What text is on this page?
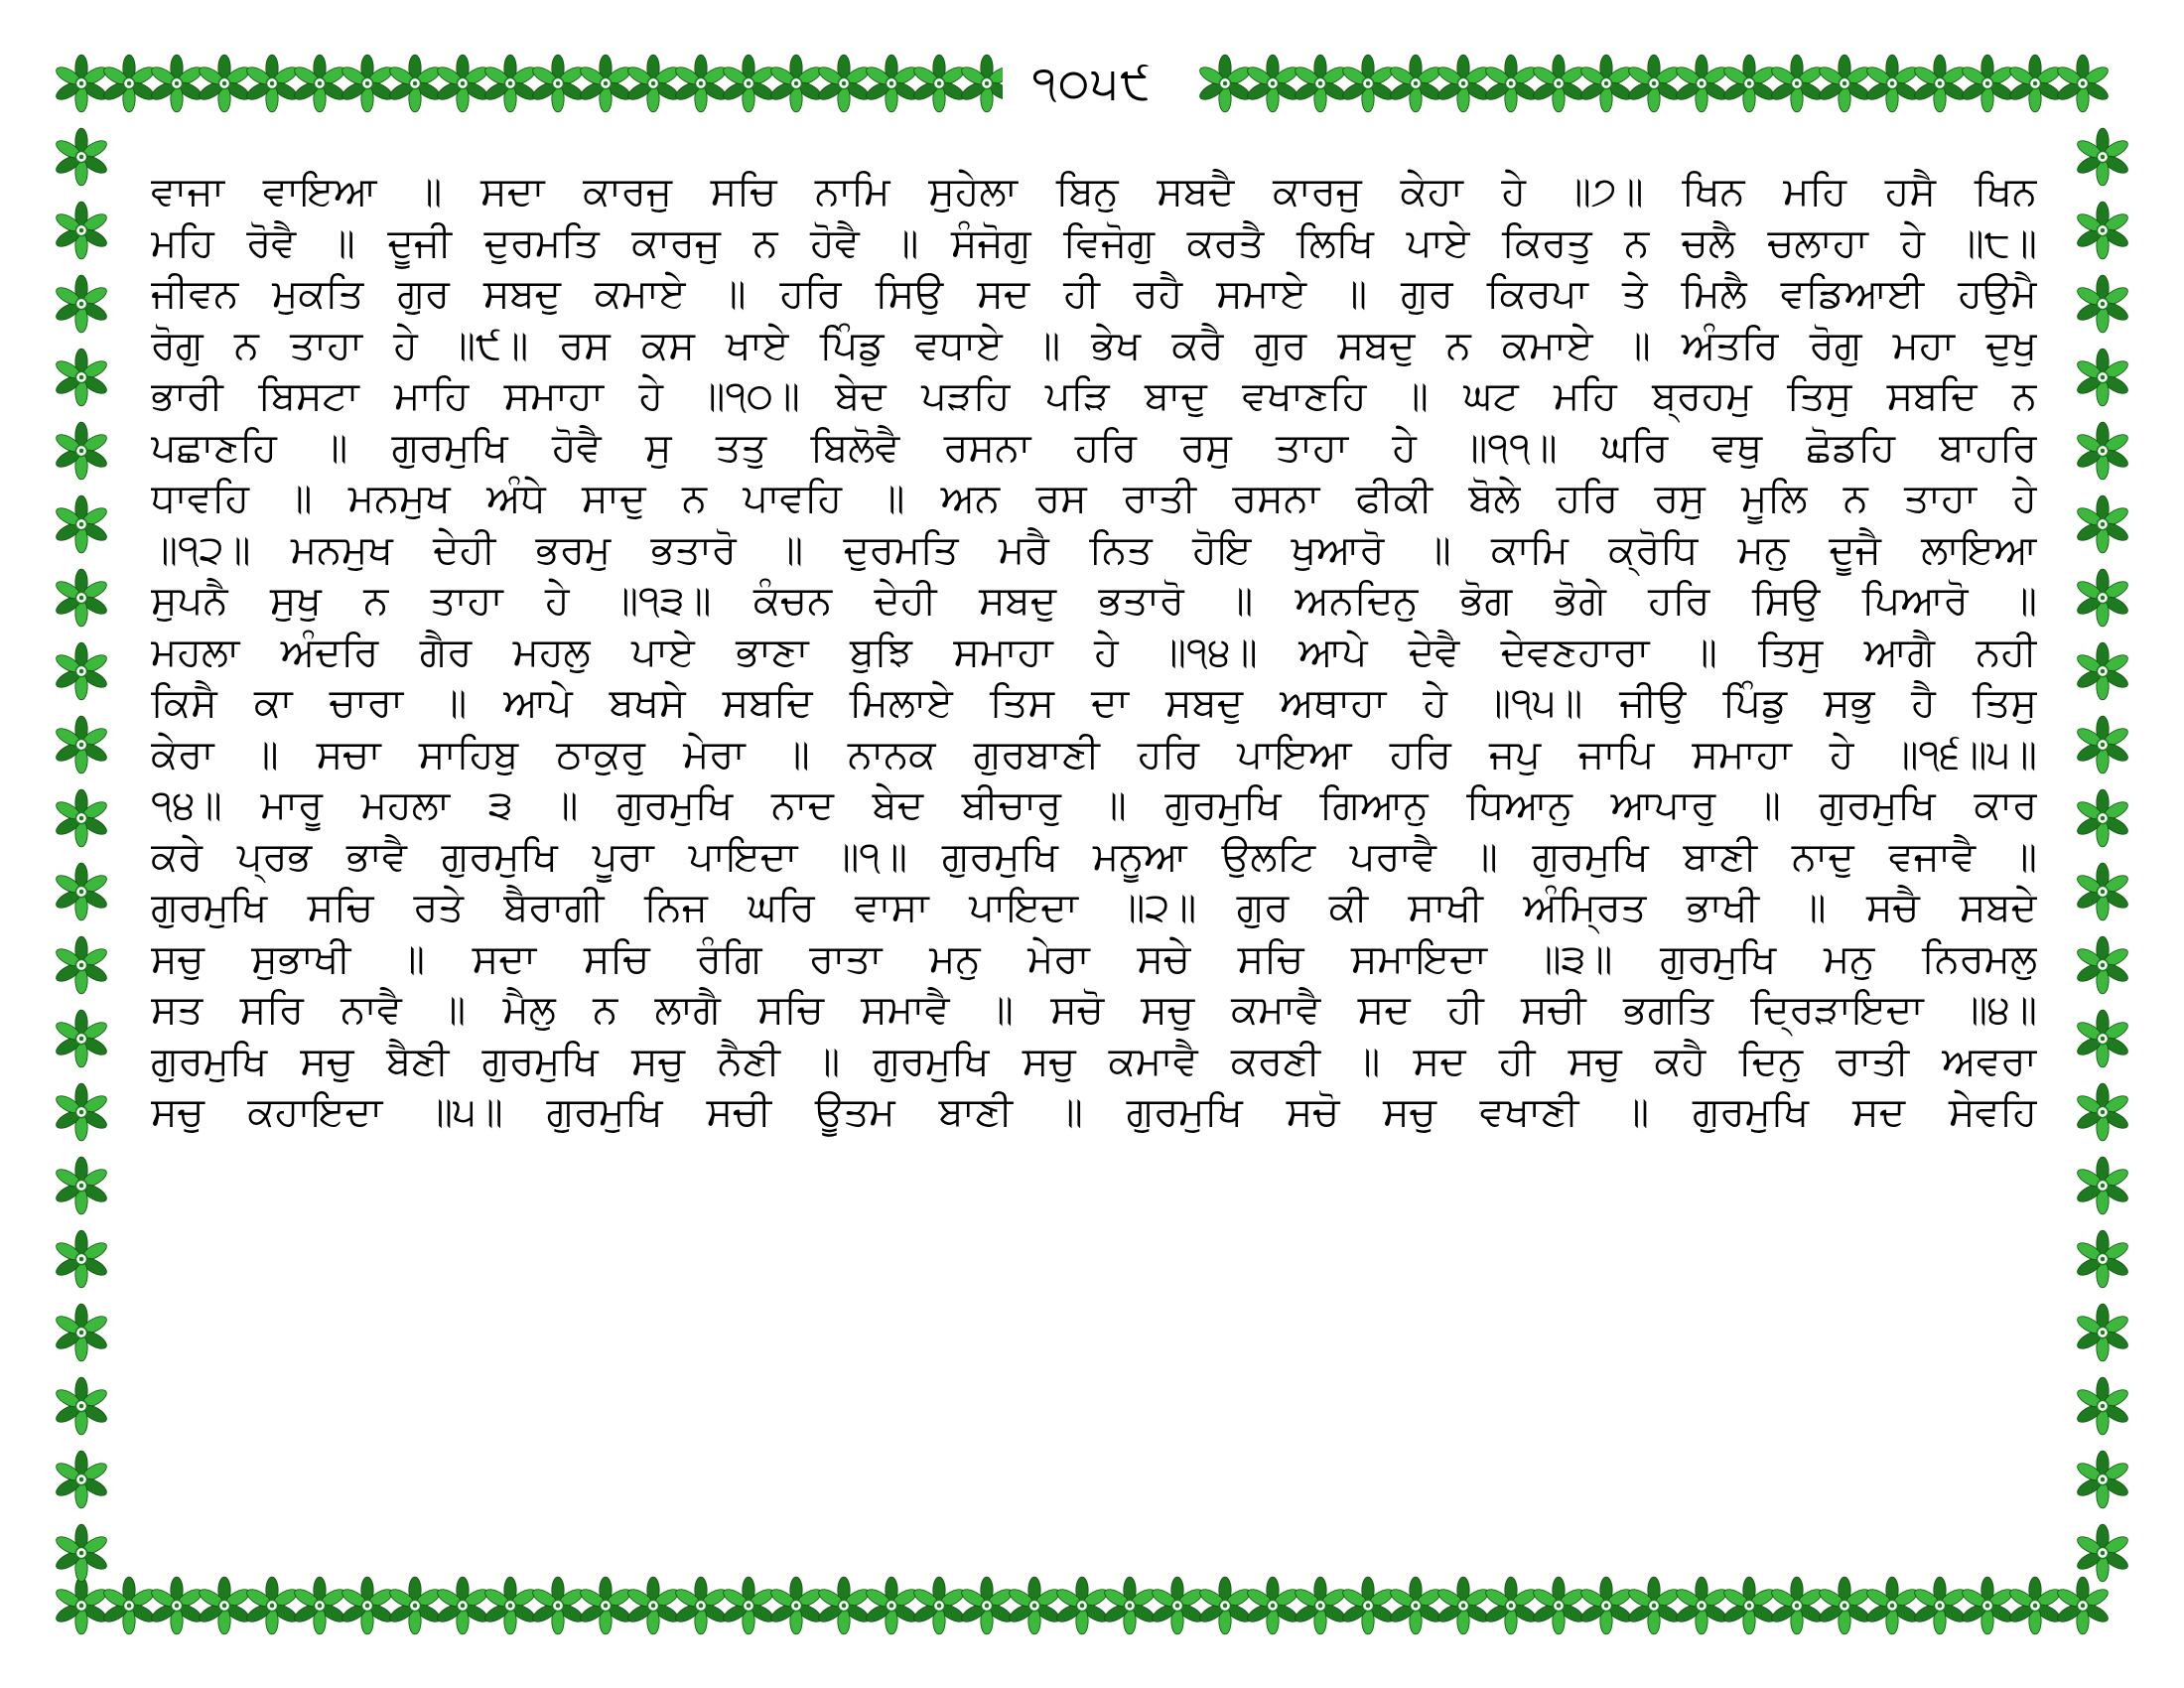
੧੦੫੯
ਵਾਜਾ ਵਾਇਆ ॥ ਸਦਾ ਕਾਰਜੁ ਸਚਿ ਨਾਮਿ ਸੁਹੇਲਾ ਬਿਨੁ ਸਬਦੈ ਕਾਰਜੁ ਕੇਹਾ ਹੇ ॥੭॥ ਖਿਨ ਮਹਿ ਹਸੈ ਖਿਨ
ਮਹਿ ਰੋਵੈ ॥ ਦੂਜੀ ਦੁਰਮਤਿ ਕਾਰਜੁ ਨ ਹੋਵੈ ॥ ਸੰਜੋਗੁ ਵਿਜੋਗੁ ਕਰਤੈ ਲਿਖਿ ਪਾਏ ਕਿਰਤੁ ਨ ਚਲੈ ਚਲਾਹਾ ਹੇ ॥੮॥
ਜੀਵਨ ਮੁਕਤਿ ਗੁਰ ਸਬਦੁ ਕਮਾਏ ॥ ਹਰਿ ਸਿਉ ਸਦ ਹੀ ਰਹੈ ਸਮਾਏ ॥ ਗੁਰ ਕਿਰਪਾ ਤੇ ਮਿਲੈ ਵਡਿਆਈ ਹਉਮੈ
ਰੋਗੁ ਨ ਤਾਹਾ ਹੇ ॥੯॥ ਰਸ ਕਸ ਖਾਏ ਪਿੰਡੁ ਵਧਾਏ ॥ ਭੇਖ ਕਰੈ ਗੁਰ ਸਬਦੁ ਨ ਕਮਾਏ ॥ ਅੰਤਰਿ ਰੋਗੁ ਮਹਾ ਦੁਖੁ
ਭਾਰੀ ਬਿਸਟਾ ਮਾਹਿ ਸਮਾਹਾ ਹੇ ॥੧੦॥ ਬੇਦ ਪੜਹਿ ਪੜਿ ਬਾਦੁ ਵਖਾਣਹਿ ॥ ਘਟ ਮਹਿ ਬ੍ਰਹਮੁ ਤਿਸੁ ਸਬਦਿ ਨ
ਪਛਾਣਹਿ ॥ ਗੁਰਮੁਖਿ ਹੋਵੈ ਸੁ ਤਤੁ ਬਿਲੋਵੈ ਰਸਨਾ ਹਰਿ ਰਸੁ ਤਾਹਾ ਹੇ ॥੧੧॥ ਘਰਿ ਵਥੁ ਛੋਡਹਿ ਬਾਹਰਿ
ਧਾਵਹਿ ॥ ਮਨਮੁਖ ਅੰਧੇ ਸਾਦੁ ਨ ਪਾਵਹਿ ॥ ਅਨ ਰਸ ਰਾਤੀ ਰਸਨਾ ਫੀਕੀ ਬੋਲੇ ਹਰਿ ਰਸੁ ਮੂਲਿ ਨ ਤਾਹਾ ਹੇ
॥੧੨॥ ਮਨਮੁਖ ਦੇਹੀ ਭਰਮੁ ਭਤਾਰੋ ॥ ਦੁਰਮਤਿ ਮਰੈ ਨਿਤ ਹੋਇ ਖੁਆਰੋ ॥ ਕਾਮਿ ਕ੍ਰੋਧਿ ਮਨੁ ਦੂਜੈ ਲਾਇਆ
ਸੁਪਨੈ ਸੁਖੁ ਨ ਤਾਹਾ ਹੇ ॥੧੩॥ ਕੰਚਨ ਦੇਹੀ ਸਬਦੁ ਭਤਾਰੋ ॥ ਅਨਦਿਨੁ ਭੋਗ ਭੋਗੇ ਹਰਿ ਸਿਉ ਪਿਆਰੋ ॥
ਮਹਲਾ ਅੰਦਰਿ ਗੈਰ ਮਹਲੁ ਪਾਏ ਭਾਣਾ ਬੁਝਿ ਸਮਾਹਾ ਹੇ ॥੧੪॥ ਆਪੇ ਦੇਵੈ ਦੇਵਣਹਾਰਾ ॥ ਤਿਸੁ ਆਗੈ ਨਹੀ
ਕਿਸੈ ਕਾ ਚਾਰਾ ॥ ਆਪੇ ਬਖਸੇ ਸਬਦਿ ਮਿਲਾਏ ਤਿਸ ਦਾ ਸਬਦੁ ਅਥਾਹਾ ਹੇ ॥੧੫॥ ਜੀਉ ਪਿੰਡੁ ਸਭੁ ਹੈ ਤਿਸੁ
ਕੇਰਾ ॥ ਸਚਾ ਸਾਹਿਬੁ ਠਾਕੁਰੁ ਮੇਰਾ ॥ ਨਾਨਕ ਗੁਰਬਾਣੀ ਹਰਿ ਪਾਇਆ ਹਰਿ ਜਪੁ ਜਾਪਿ ਸਮਾਹਾ ਹੇ ॥੧੬॥੫॥
੧੪॥ ਮਾਰੂ ਮਹਲਾ ੩ ॥ ਗੁਰਮੁਖਿ ਨਾਦ ਬੇਦ ਬੀਚਾਰੁ ॥ ਗੁਰਮੁਖਿ ਗਿਆਨੁ ਧਿਆਨੁ ਆਪਾਰੁ ॥ ਗੁਰਮੁਖਿ ਕਾਰ
ਕਰੇ ਪ੍ਰਭ ਭਾਵੈ ਗੁਰਮੁਖਿ ਪੂਰਾ ਪਾਇਦਾ ॥੧॥ ਗੁਰਮੁਖਿ ਮਨੂਆ ਉਲਟਿ ਪਰਾਵੈ ॥ ਗੁਰਮੁਖਿ ਬਾਣੀ ਨਾਦੁ ਵਜਾਵੈ ॥
ਗੁਰਮੁਖਿ ਸਚਿ ਰਤੇ ਬੈਰਾਗੀ ਨਿਜ ਘਰਿ ਵਾਸਾ ਪਾਇਦਾ ॥੨॥ ਗੁਰ ਕੀ ਸਾਖੀ ਅੰਮ੍ਰਿਤ ਭਾਖੀ ॥ ਸਚੈ ਸਬਦੇ
ਸਚੁ ਸੁਭਾਖੀ ॥ ਸਦਾ ਸਚਿ ਰੰਗਿ ਰਾਤਾ ਮਨੁ ਮੇਰਾ ਸਚੇ ਸਚਿ ਸਮਾਇਦਾ ॥੩॥ ਗੁਰਮੁਖਿ ਮਨੁ ਨਿਰਮਲੁ
ਸਤ ਸਰਿ ਨਾਵੈ ॥ ਮੈਲੁ ਨ ਲਾਗੈ ਸਚਿ ਸਮਾਵੈ ॥ ਸਚੋ ਸਚੁ ਕਮਾਵੈ ਸਦ ਹੀ ਸਚੀ ਭਗਤਿ ਦ੍ਰਿੜਾਇਦਾ ॥੪॥
ਗੁਰਮੁਖਿ ਸਚੁ ਬੈਣੀ ਗੁਰਮੁਖਿ ਸਚੁ ਨੈਣੀ ॥ ਗੁਰਮੁਖਿ ਸਚੁ ਕਮਾਵੈ ਕਰਣੀ ॥ ਸਦ ਹੀ ਸਚੁ ਕਹੈ ਦਿਨੁ ਰਾਤੀ ਅਵਰਾ
ਸਚੁ ਕਹਾਇਦਾ ॥੫॥ ਗੁਰਮੁਖਿ ਸਚੀ ਊਤਮ ਬਾਣੀ ॥ ਗੁਰਮੁਖਿ ਸਚੋ ਸਚੁ ਵਖਾਣੀ ॥ ਗੁਰਮੁਖਿ ਸਦ ਸੇਵਹਿ
